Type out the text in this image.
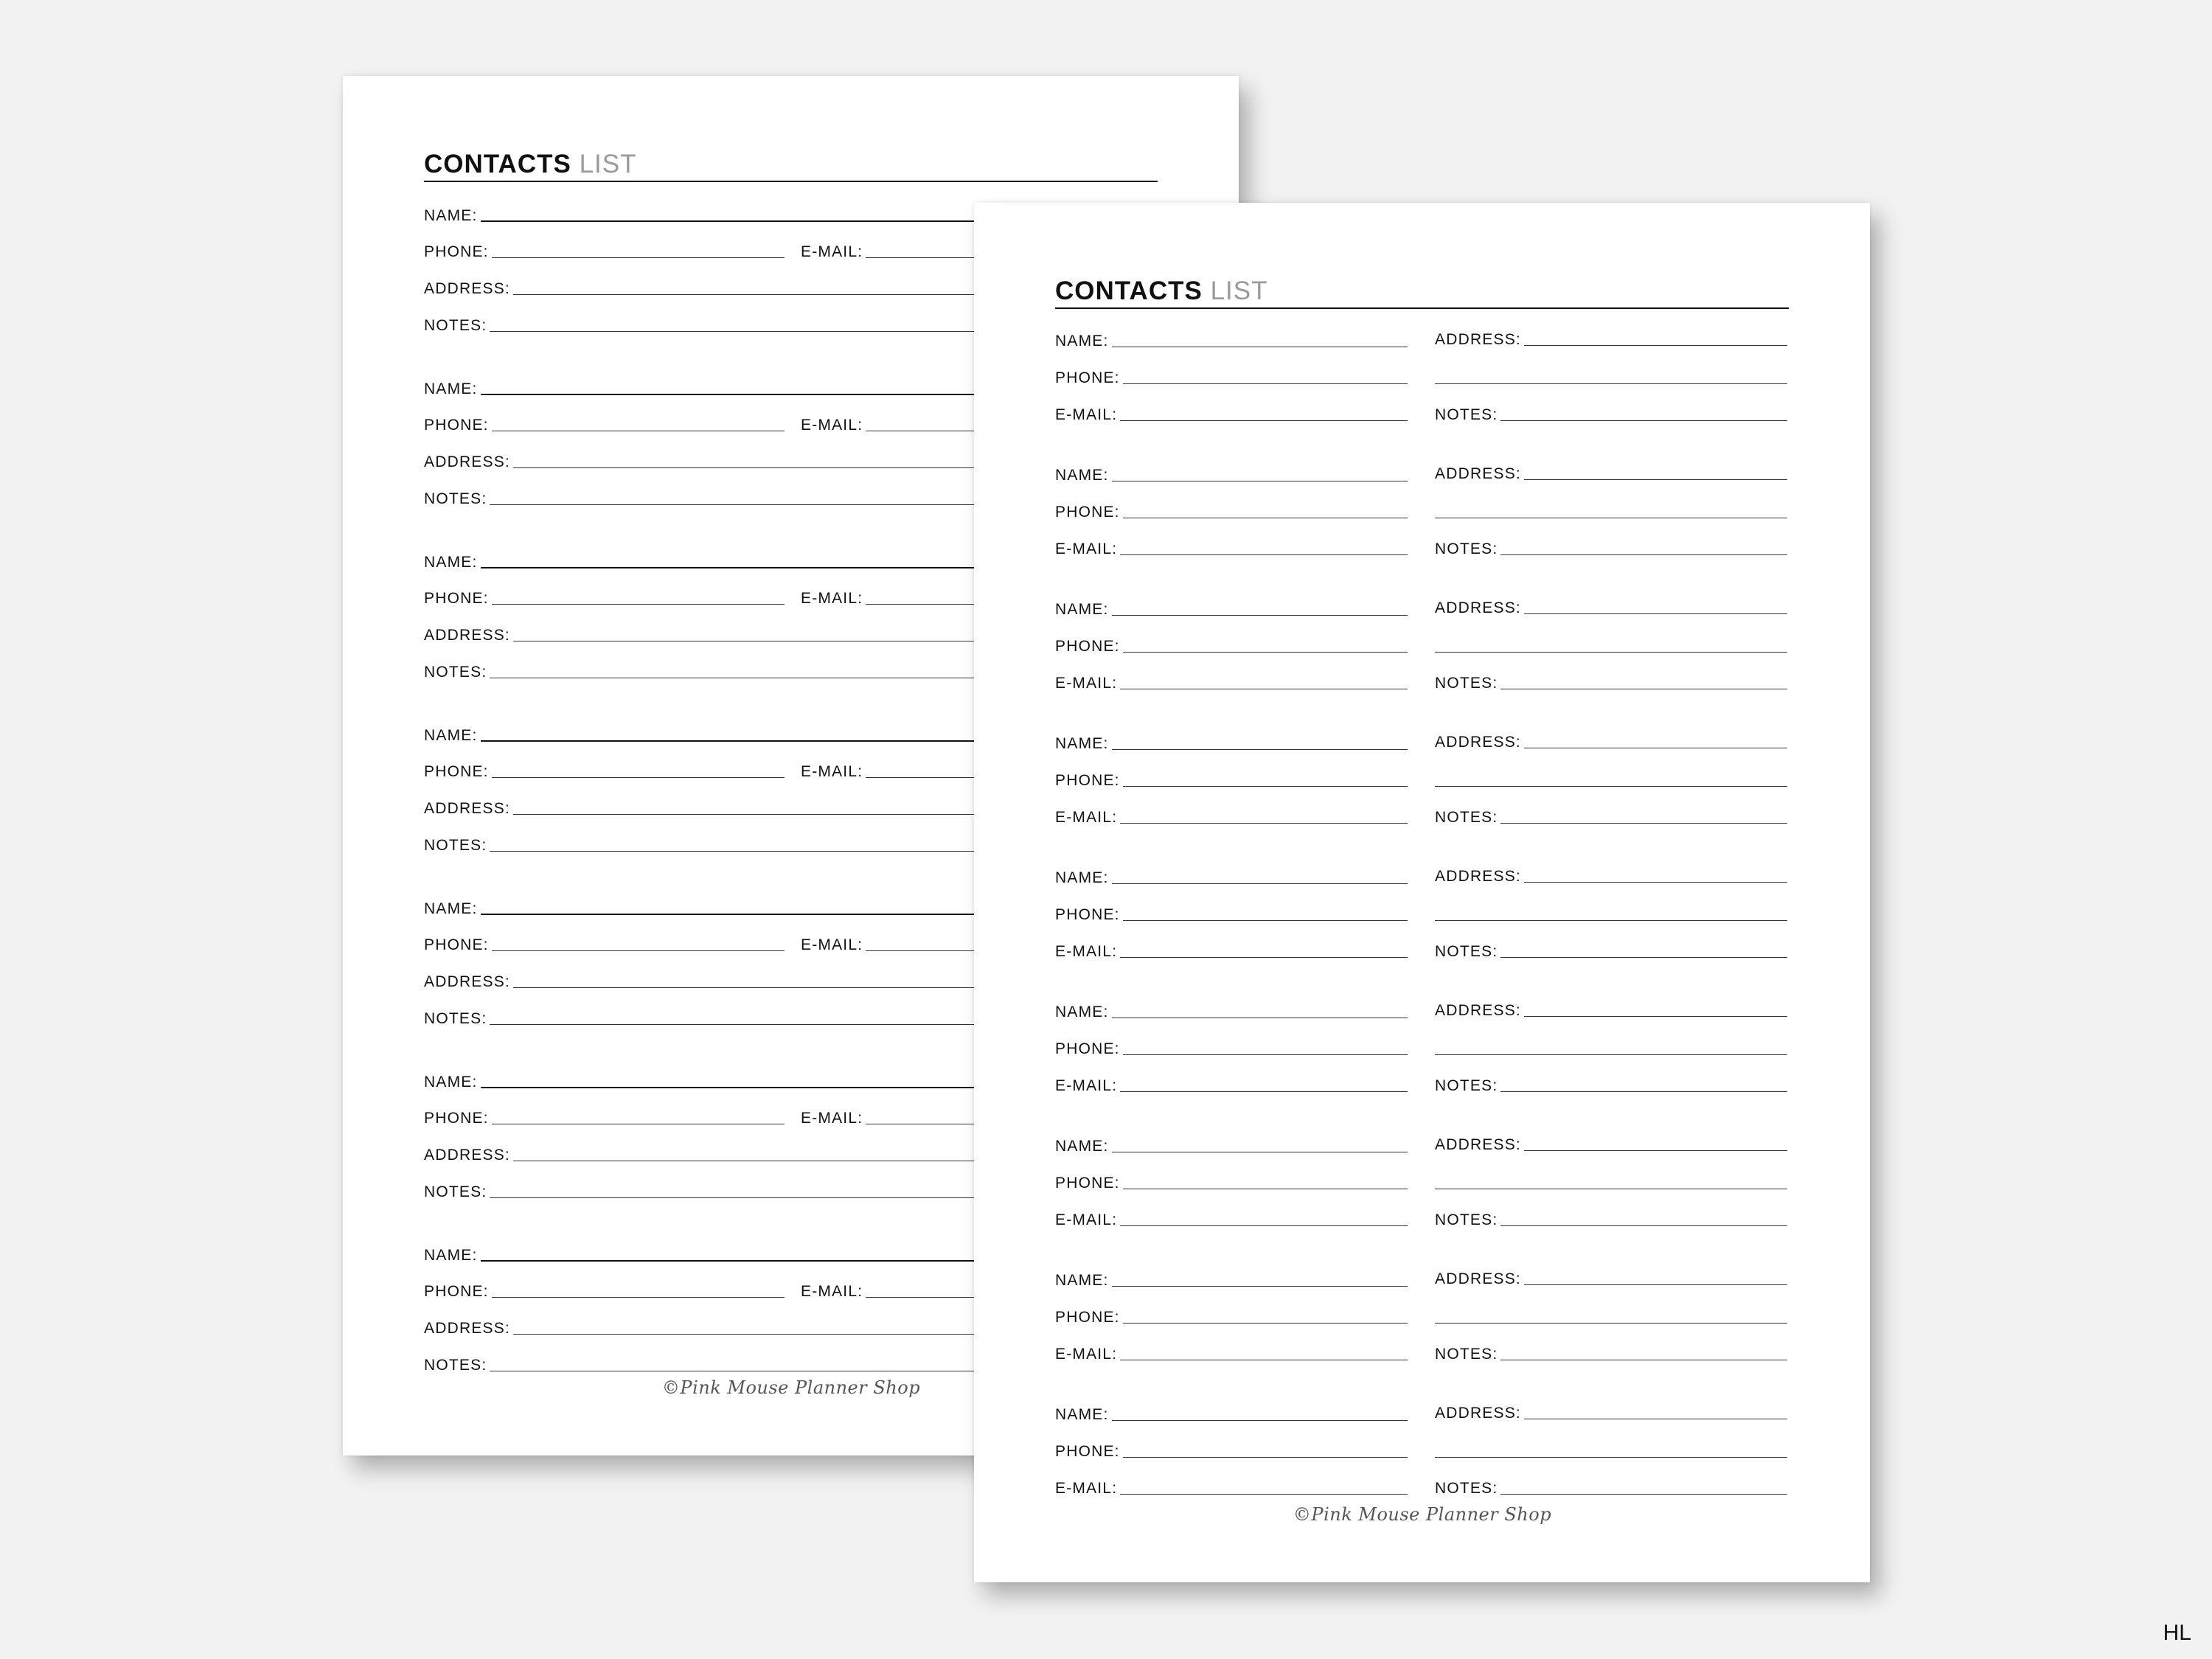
CONTACTS LIST
NAME:
PHONE:	E-MAIL:
ADDRESS:
NOTES:
NAME:
PHONE:	E-MAIL:
ADDRESS:
NOTES:
NAME:
PHONE:	E-MAIL:
ADDRESS:
NOTES:
NAME:
PHONE:	E-MAIL:
ADDRESS:
NOTES:
NAME:
PHONE:	E-MAIL:
ADDRESS:
NOTES:
NAME:
PHONE:	E-MAIL:
ADDRESS:
NOTES:
NAME:
PHONE:	E-MAIL:
ADDRESS:
NOTES:
©Pink Mouse Planner Shop
CONTACTS LIST
NAME:
PHONE:
E-MAIL:
ADDRESS:
NOTES:
NAME:
PHONE:
E-MAIL:
ADDRESS:
NOTES:
NAME:
PHONE:
E-MAIL:
ADDRESS:
NOTES:
NAME:
PHONE:
E-MAIL:
ADDRESS:
NOTES:
NAME:
PHONE:
E-MAIL:
ADDRESS:
NOTES:
NAME:
PHONE:
E-MAIL:
ADDRESS:
NOTES:
NAME:
PHONE:
E-MAIL:
ADDRESS:
NOTES:
NAME:
PHONE:
E-MAIL:
ADDRESS:
NOTES:
NAME:
PHONE:
E-MAIL:
ADDRESS:
NOTES:
©Pink Mouse Planner Shop
HL
